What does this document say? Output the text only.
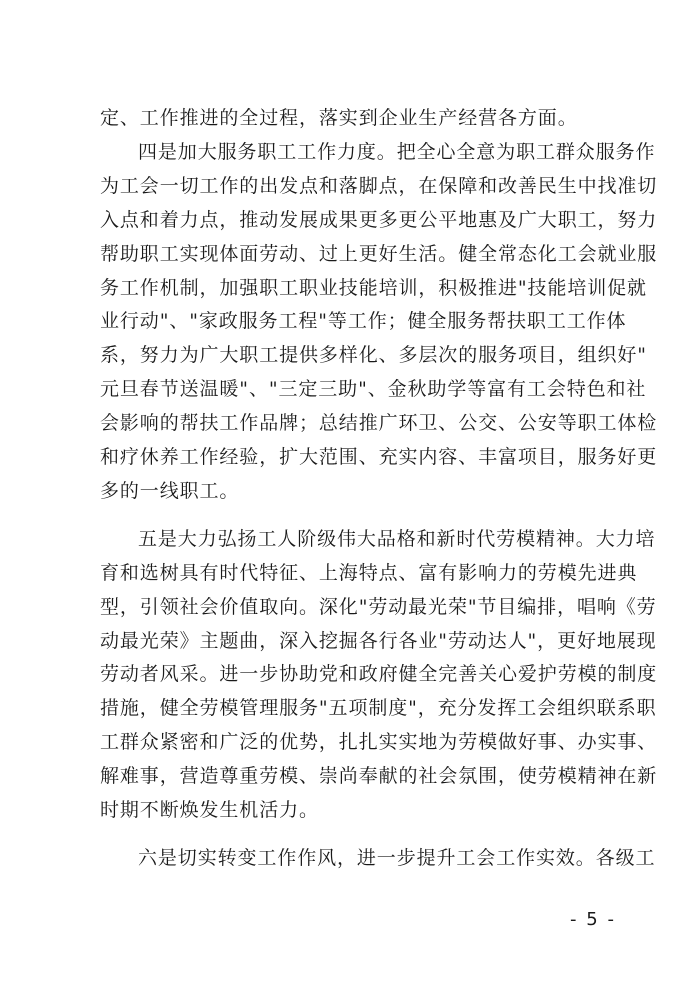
定、工作推进的全过程，落实到企业生产经营各方面。
四是加大服务职工工作力度。把全心全意为职工群众服务作
为工会一切工作的出发点和落脚点，在保障和改善民生中找准切
入点和着力点，推动发展成果更多更公平地惠及广大职工，努力
帮助职工实现体面劳动、过上更好生活。健全常态化工会就业服
务工作机制，加强职工职业技能培训，积极推进"技能培训促就
业行动"、"家政服务工程"等工作；健全服务帮扶职工工作体
系，努力为广大职工提供多样化、多层次的服务项目，组织好"
元旦春节送温暖"、"三定三助"、金秋助学等富有工会特色和社
会影响的帮扶工作品牌；总结推广环卫、公交、公安等职工体检
和疗休养工作经验，扩大范围、充实内容、丰富项目，服务好更
多的一线职工。
五是大力弘扬工人阶级伟大品格和新时代劳模精神。大力培
育和选树具有时代特征、上海特点、富有影响力的劳模先进典
型，引领社会价值取向。深化"劳动最光荣"节目编排，唱响《劳
动最光荣》主题曲，深入挖掘各行各业"劳动达人"，更好地展现
劳动者风采。进一步协助党和政府健全完善关心爱护劳模的制度
措施，健全劳模管理服务"五项制度"，充分发挥工会组织联系职
工群众紧密和广泛的优势，扎扎实实地为劳模做好事、办实事、
解难事，营造尊重劳模、崇尚奉献的社会氛围，使劳模精神在新
时期不断焕发生机活力。
六是切实转变工作作风，进一步提升工会工作实效。各级工
- 5 -
